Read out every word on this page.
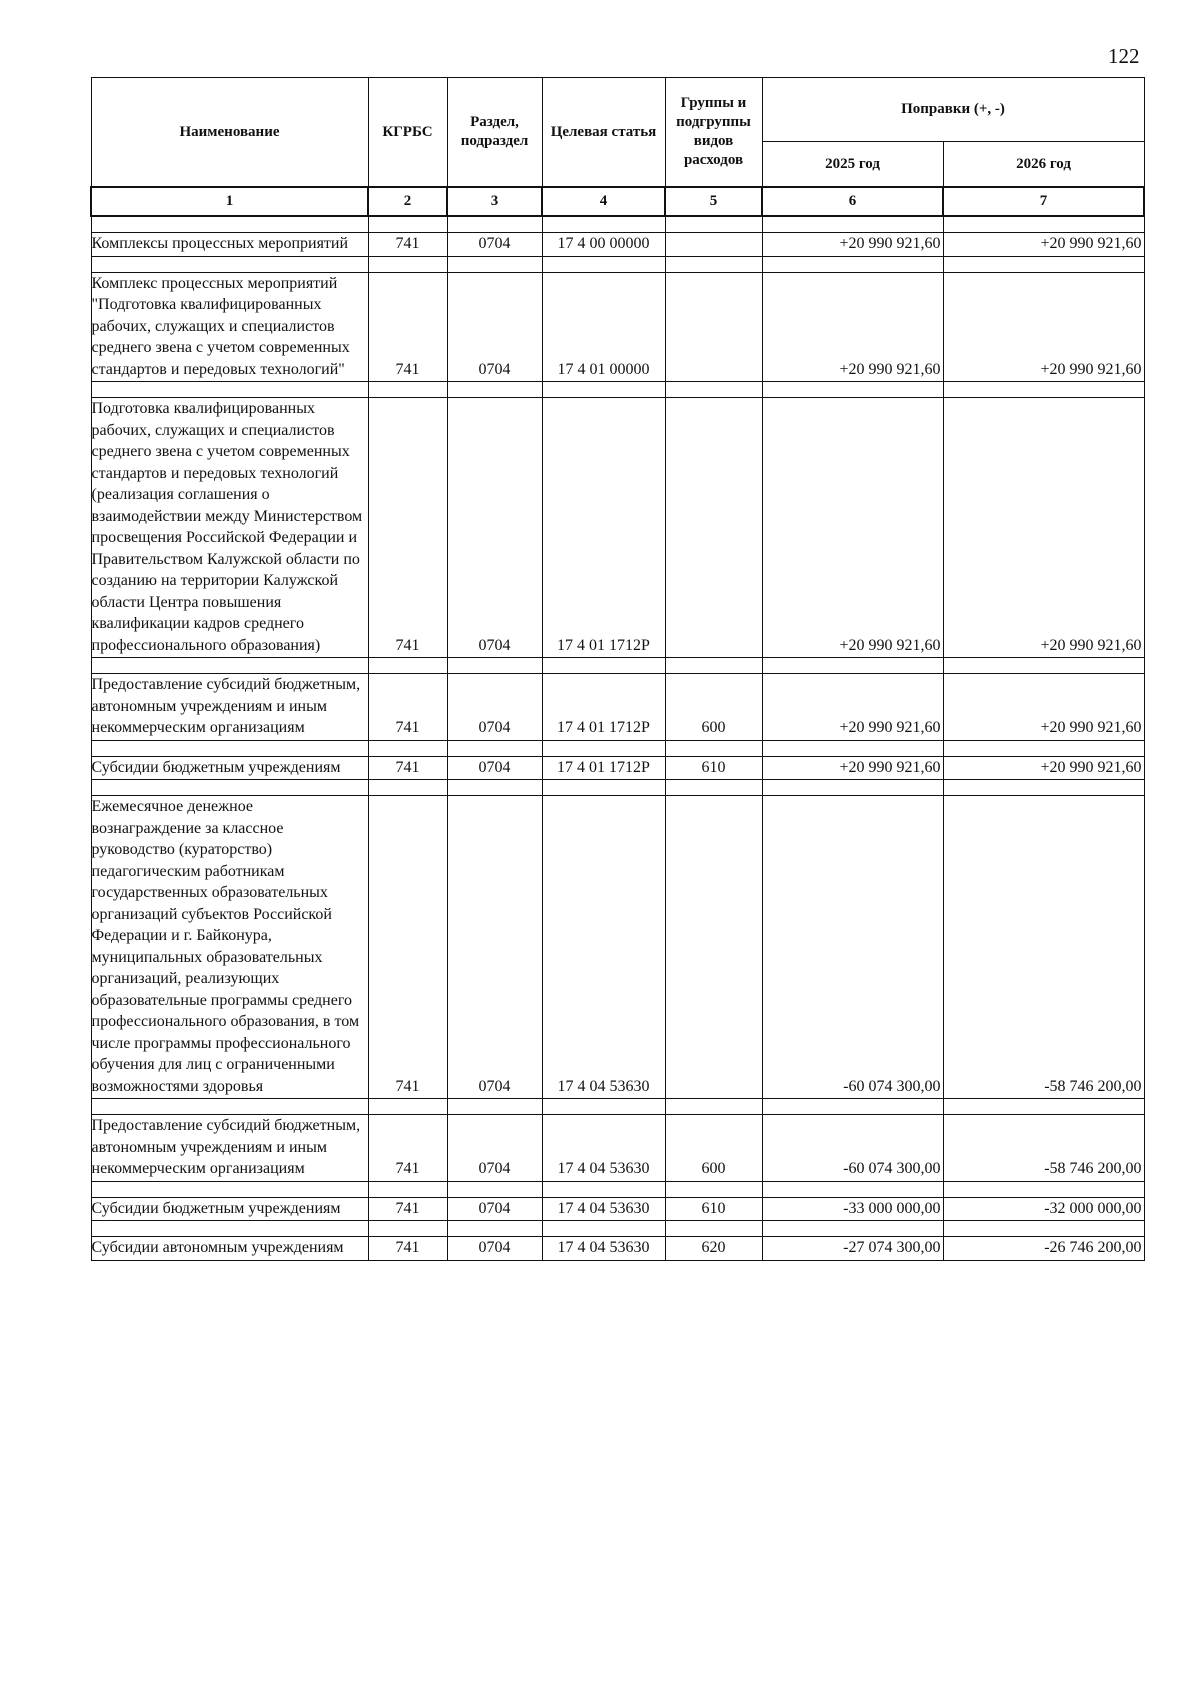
122
Наименование	КГРБС	Раздел, подраздел	Целевая статья	Группы и подгруппы видов расходов	Поправки (+, -)	
					2025 год	2026 год
1	2	3	4	5	6	7

Комплексы процессных мероприятий	741	0704	17 4 00 00000		+20 990 921,60	+20 990 921,60

Комплекс процессных мероприятий "Подготовка квалифицированных рабочих, служащих и специалистов среднего звена с учетом современных стандартов и передовых технологий"	741	0704	17 4 01 00000		+20 990 921,60	+20 990 921,60

Подготовка квалифицированных рабочих, служащих и специалистов среднего звена с учетом современных стандартов и передовых технологий (реализация соглашения о взаимодействии между Министерством просвещения Российской Федерации и Правительством Калужской области по созданию на территории Калужской области Центра повышения квалификации кадров среднего профессионального образования)	741	0704	17 4 01 1712Р		+20 990 921,60	+20 990 921,60

Предоставление субсидий бюджетным, автономным учреждениям и иным некоммерческим организациям	741	0704	17 4 01 1712Р	600	+20 990 921,60	+20 990 921,60

Субсидии бюджетным учреждениям	741	0704	17 4 01 1712Р	610	+20 990 921,60	+20 990 921,60

Ежемесячное денежное вознаграждение за классное руководство (кураторство) педагогическим работникам государственных образовательных организаций субъектов Российской Федерации и г. Байконура, муниципальных образовательных организаций, реализующих образовательные программы среднего профессионального образования, в том числе программы профессионального обучения для лиц с ограниченными возможностями здоровья	741	0704	17 4 04 53630		-60 074 300,00	-58 746 200,00

Предоставление субсидий бюджетным, автономным учреждениям и иным некоммерческим организациям	741	0704	17 4 04 53630	600	-60 074 300,00	-58 746 200,00

Субсидии бюджетным учреждениям	741	0704	17 4 04 53630	610	-33 000 000,00	-32 000 000,00

Субсидии автономным учреждениям	741	0704	17 4 04 53630	620	-27 074 300,00	-26 746 200,00
